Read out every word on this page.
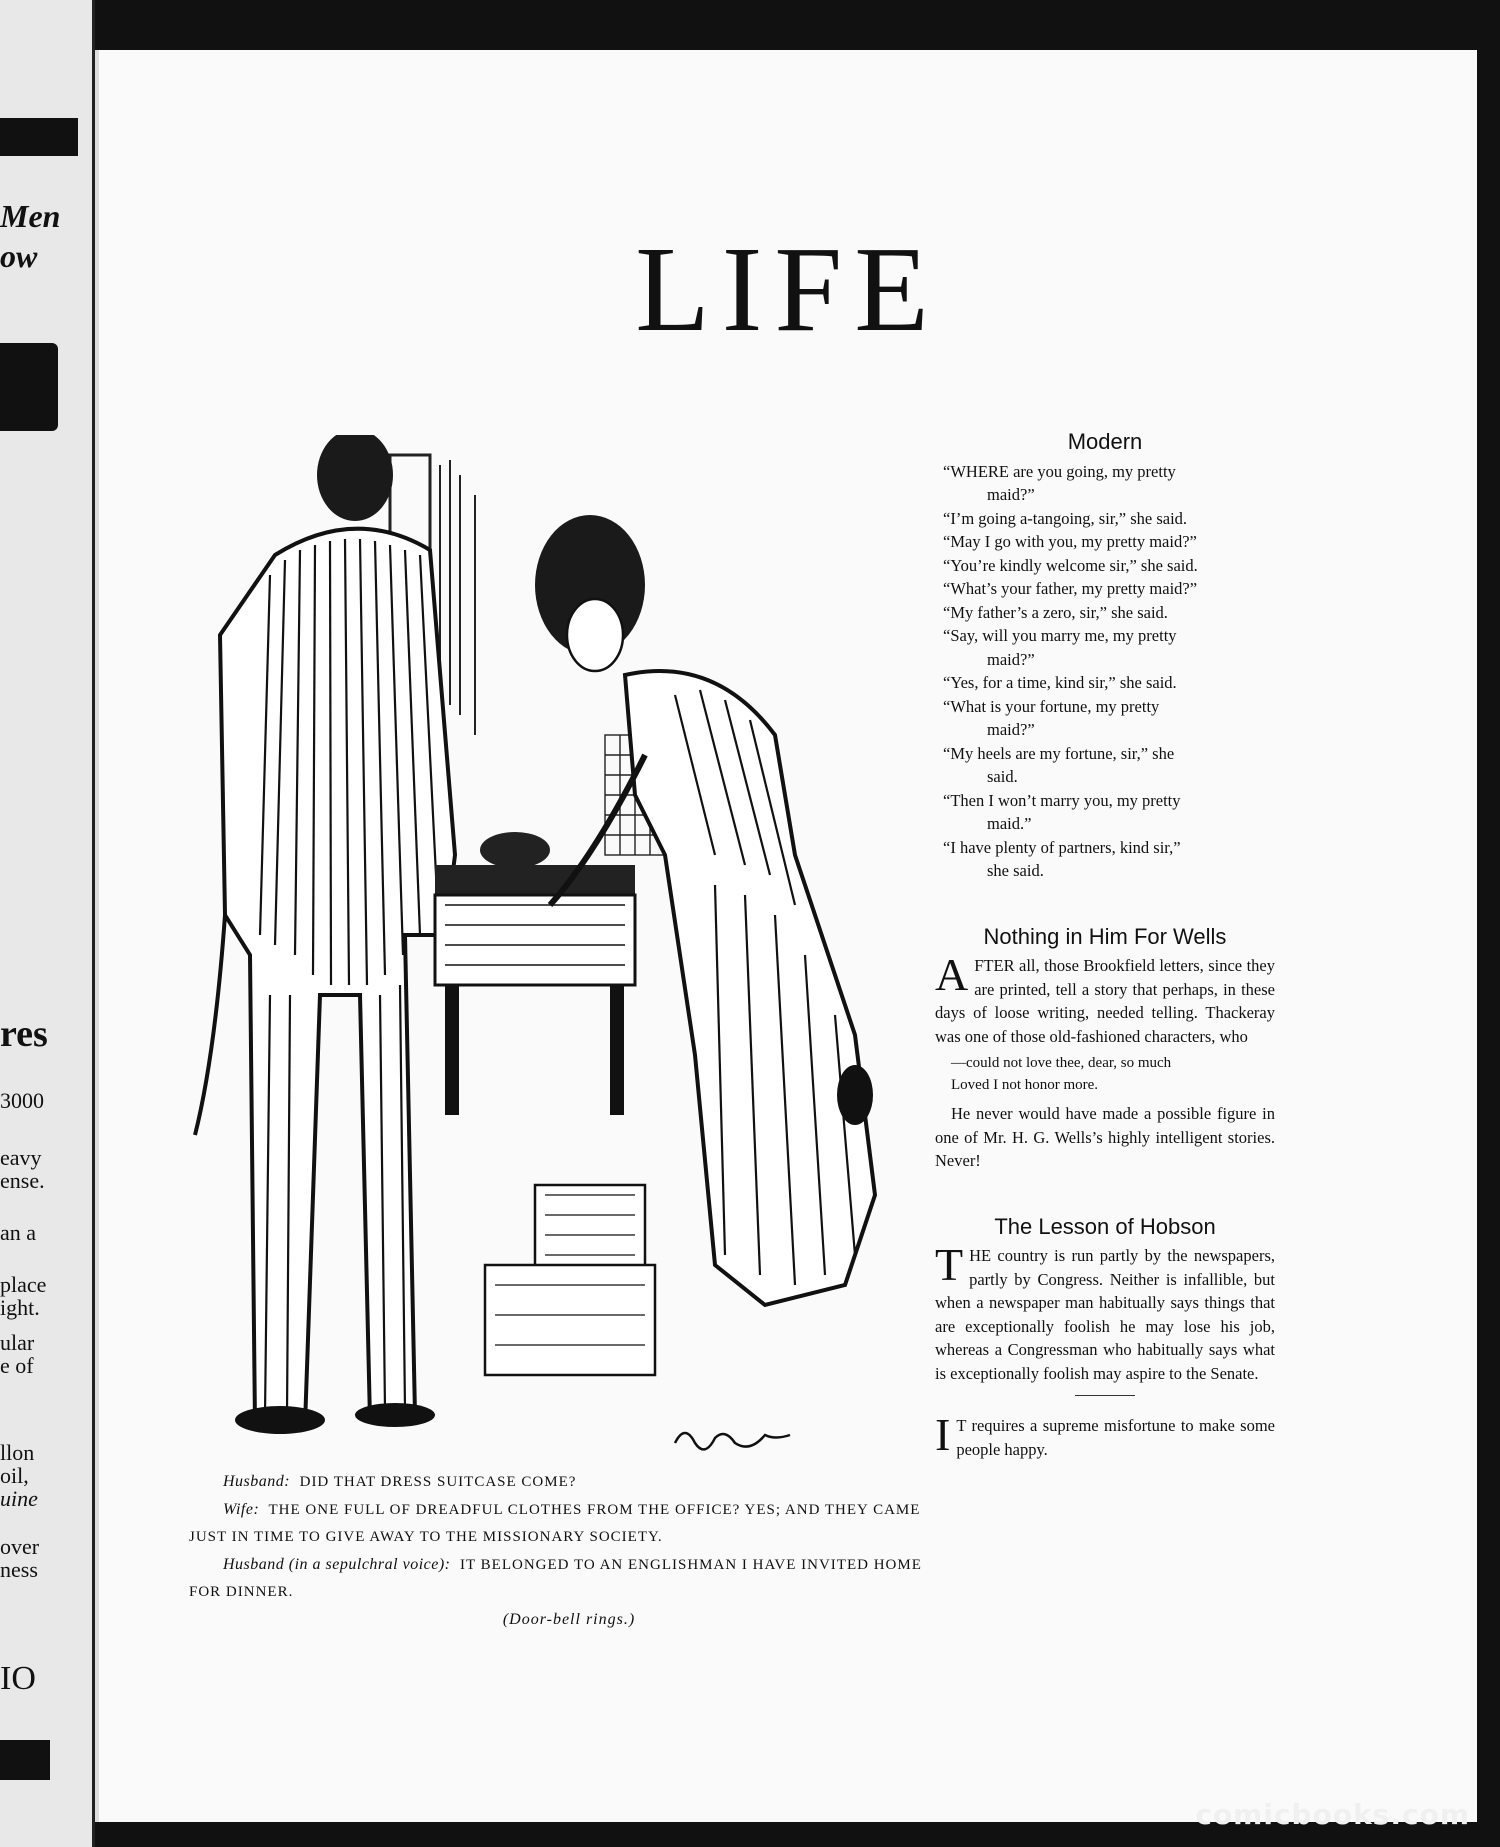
Men
ow
res
3000
eavy
ense.
an a
place
ight.
ular
e of
llon
oil,
uine
over
ness
IO
LIFE
R. Crosby

Husband: DID THAT DRESS SUITCASE COME?

Wife: THE ONE FULL OF DREADFUL CLOTHES FROM THE OFFICE? YES; AND THEY CAME JUST IN TIME TO GIVE AWAY TO THE MISSIONARY SOCIETY.

Husband (in a sepulchral voice): IT BELONGED TO AN ENGLISHMAN I HAVE INVITED HOME FOR DINNER.

(Door-bell rings.)

Modern

“WHERE are you going, my pretty
maid?”

“I’m going a-tangoing, sir,” she said.

“May I go with you, my pretty maid?”

“You’re kindly welcome sir,” she said.

“What’s your father, my pretty maid?”

“My father’s a zero, sir,” she said.

“Say, will you marry me, my pretty
maid?”

“Yes, for a time, kind sir,” she said.

“What is your fortune, my pretty
maid?”

“My heels are my fortune, sir,” she
said.

“Then I won’t marry you, my pretty
maid.”

“I have plenty of partners, kind sir,”
she said.

Nothing in Him For Wells

AFTER all, those Brookfield letters, since they are printed, tell a story that perhaps, in these days of loose writing, needed telling. Thackeray was one of those old-fashioned characters, who

—could not love thee, dear, so much
Loved I not honor more.

He never would have made a possible figure in one of Mr. H. G. Wells’s highly intelligent stories. Never!

The Lesson of Hobson

THE country is run partly by the newspapers, partly by Congress. Neither is infallible, but when a newspaper man habitually says things that are exceptionally foolish he may lose his job, whereas a Congressman who habitually says what is exceptionally foolish may aspire to the Senate.

I T requires a supreme misfortune to make some people happy.

comicbooks.com
